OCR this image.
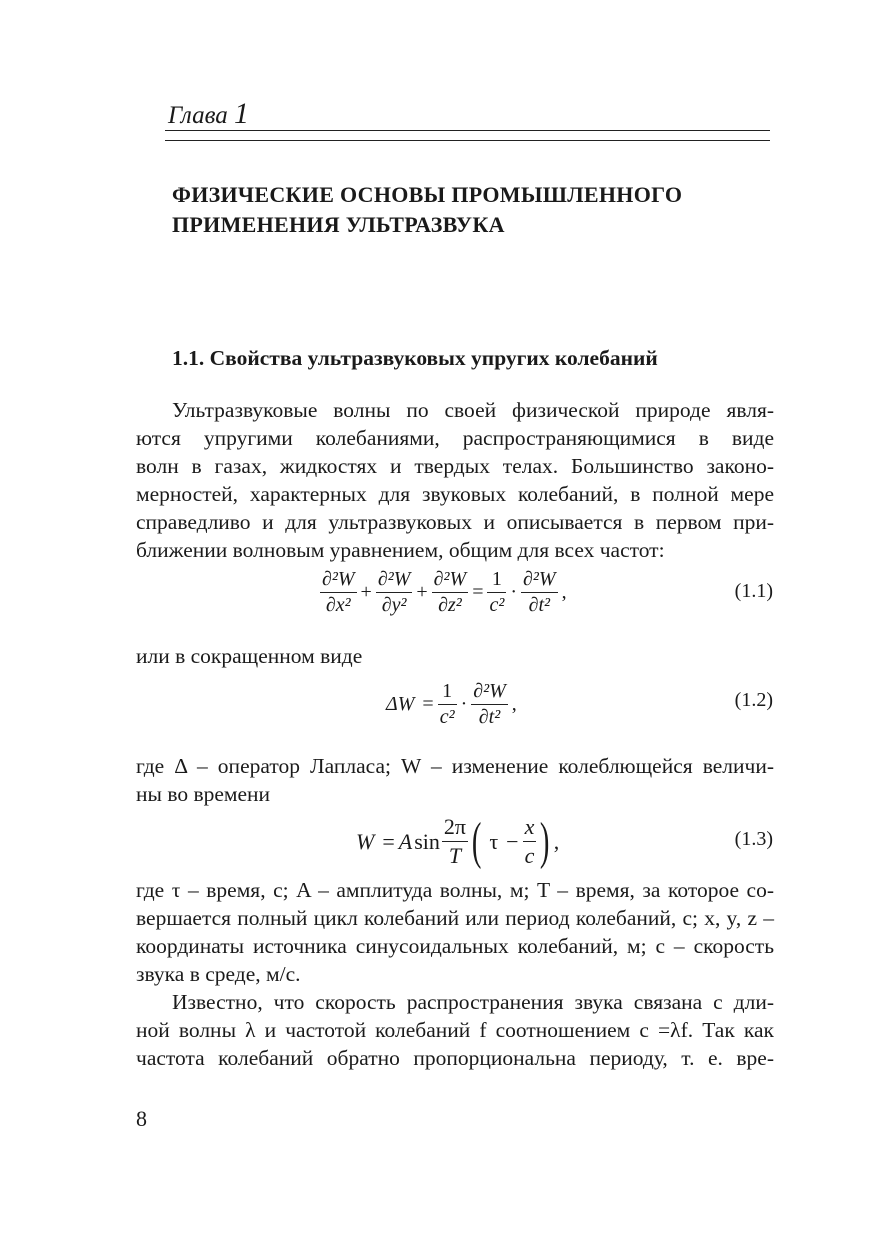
Глава 1
ФИЗИЧЕСКИЕ ОСНОВЫ ПРОМЫШЛЕННОГО
ПРИМЕНЕНИЯ УЛЬТРАЗВУКА
1.1. Свойства ультразвуковых упругих колебаний
Ультразвуковые волны по своей физической природе явля-
ются упругими колебаниями, распространяющимися в виде
волн в газах, жидкостях и твердых телах. Большинство законо-
мерностей, характерных для звуковых колебаний, в полной мере
справедливо и для ультразвуковых и описывается в первом при-
ближении волновым уравнением, общим для всех частот:
$\frac{\text{∂²W}}{\text{∂x²}} + \frac{\text{∂²W}}{\text{∂y²}} + \frac{\text{∂²W}}{\text{∂z²}} = \frac{1}{\text{c²}} \cdot \frac{\text{∂²W}}{\text{∂t²}}$ ,	(1.1)
или в сокращенном виде
$\Delta W = \frac{1}{\text{c²}} \cdot \frac{\text{∂²W}}{\text{∂t²}}$ ,	(1.2)
где Δ – оператор Лапласа; W – изменение колеблющейся величи-
ны во времени
W = Asin $\frac{2\pi}{T}$ ( $\tau - \frac{x}{c}$ ) ,	(1.3)
где τ – время, с; A – амплитуда волны, м; T – время, за которое со-
вершается полный цикл колебаний или период колебаний, с; x, y, z –
координаты источника синусоидальных колебаний, м; c – скорость
звука в среде, м/с.
Известно, что скорость распространения звука связана с дли-
ной волны λ и частотой колебаний f соотношением c =λf. Так как
частота колебаний обратно пропорциональна периоду, т. е. вре-
8
